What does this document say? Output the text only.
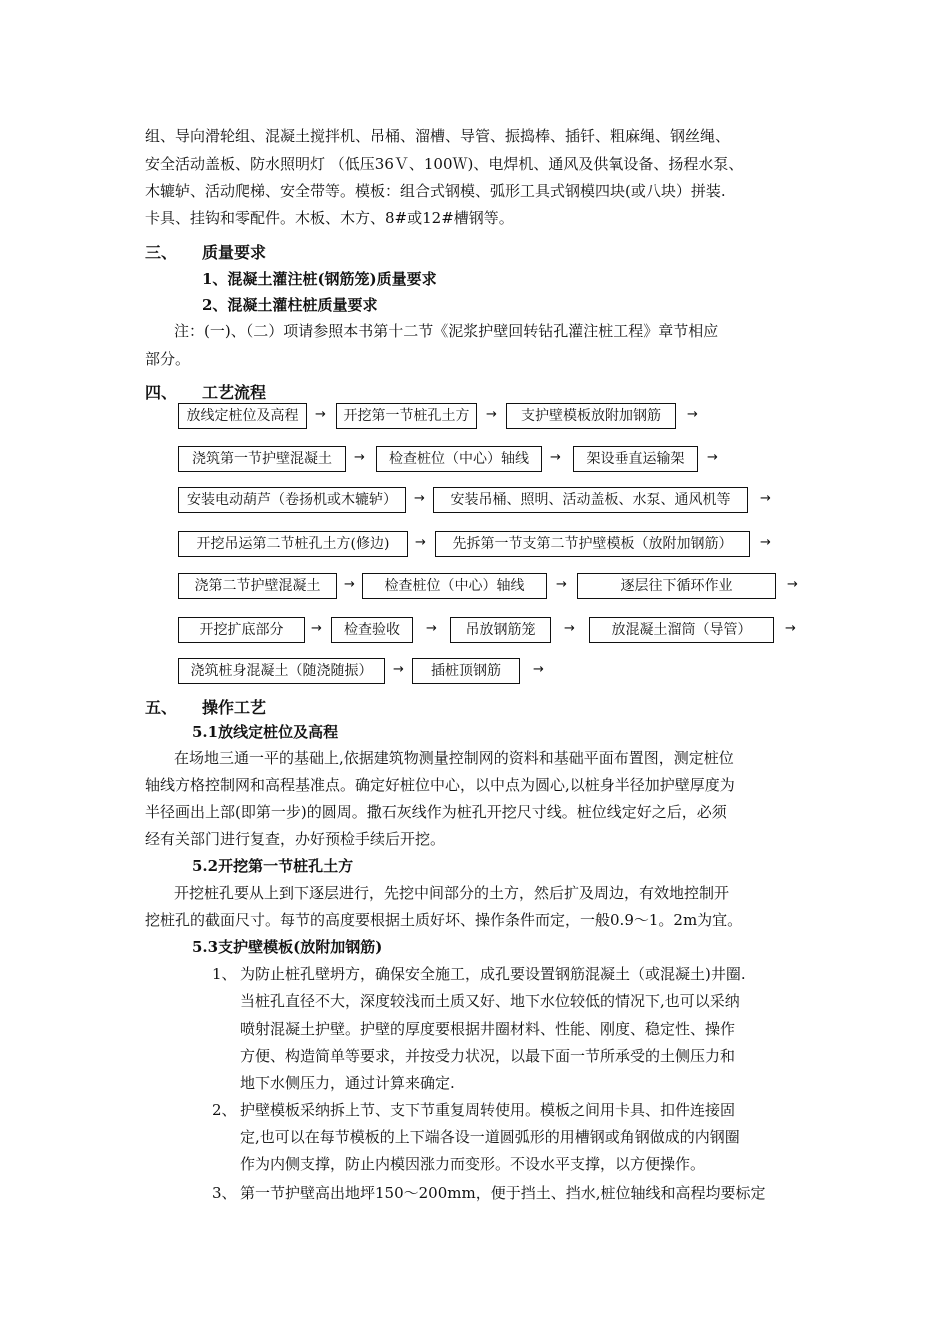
组、导向滑轮组、混凝土搅拌机、吊桶、溜槽、导管、振捣棒、插钎、粗麻绳、钢丝绳、
安全活动盖板、防水照明灯 （低压36Ｖ、100Ｗ)、电焊机、通风及供氧设备、扬程水泵、
木辘轳、活动爬梯、安全带等。模板：组合式钢模、弧形工具式钢模四块(或八块）拼装.
卡具、挂钩和零配件。木板、木方、8#或12#槽钢等。
三、 质量要求
1、混凝土灌注桩(钢筋笼)质量要求
2、混凝土灌柱桩质量要求
注：(一)、（二）项请参照本书第十二节《泥浆护壁回转钻孔灌注桩工程》章节相应
部分。
四、 工艺流程
放线定桩位及高程	→	开挖第一节桩孔土方	→	支护壁模板放附加钢筋	→
浇筑第一节护壁混凝土	→	检查桩位（中心）轴线	→	架设垂直运输架	→
安装电动葫芦（卷扬机或木辘轳）	→	安装吊桶、照明、活动盖板、水泵、通风机等	→
开挖吊运第二节桩孔土方(修边)	→	先拆第一节支第二节护壁模板（放附加钢筋）	→
浇第二节护壁混凝土	→	检查桩位（中心）轴线	→	逐层往下循环作业	→
开挖扩底部分	→	检查验收	→	吊放钢筋笼	→	放混凝土溜筒（导管）	→
浇筑桩身混凝土（随浇随振）	→	插桩顶钢筋	→
五、 操作工艺
5.1放线定桩位及高程
在场地三通一平的基础上,依据建筑物测量控制网的资料和基础平面布置图，测定桩位
轴线方格控制网和高程基准点。确定好桩位中心，以中点为圆心,以桩身半径加护壁厚度为
半径画出上部(即第一步)的圆周。撒石灰线作为桩孔开挖尺寸线。桩位线定好之后，必须
经有关部门进行复查，办好预检手续后开挖。
5.2开挖第一节桩孔土方
开挖桩孔要从上到下逐层进行，先挖中间部分的土方，然后扩及周边，有效地控制开
挖桩孔的截面尺寸。每节的高度要根据土质好坏、操作条件而定，一般0.9～1。2m为宜。
5.3支护壁模板(放附加钢筋)
1、 为防止桩孔壁坍方，确保安全施工，成孔要设置钢筋混凝土（或混凝土)井圈.
当桩孔直径不大，深度较浅而土质又好、地下水位较低的情况下,也可以采纳
喷射混凝土护壁。护壁的厚度要根据井圈材料、性能、刚度、稳定性、操作
方便、构造简单等要求，并按受力状况，以最下面一节所承受的土侧压力和
地下水侧压力，通过计算来确定.
2、 护壁模板采纳拆上节、支下节重复周转使用。模板之间用卡具、扣件连接固
定,也可以在每节模板的上下端各设一道圆弧形的用槽钢或角钢做成的内钢圈
作为内侧支撑，防止内模因涨力而变形。不设水平支撑，以方便操作。
3、 第一节护壁高出地坪150～200mm，便于挡土、挡水,桩位轴线和高程均要标定
